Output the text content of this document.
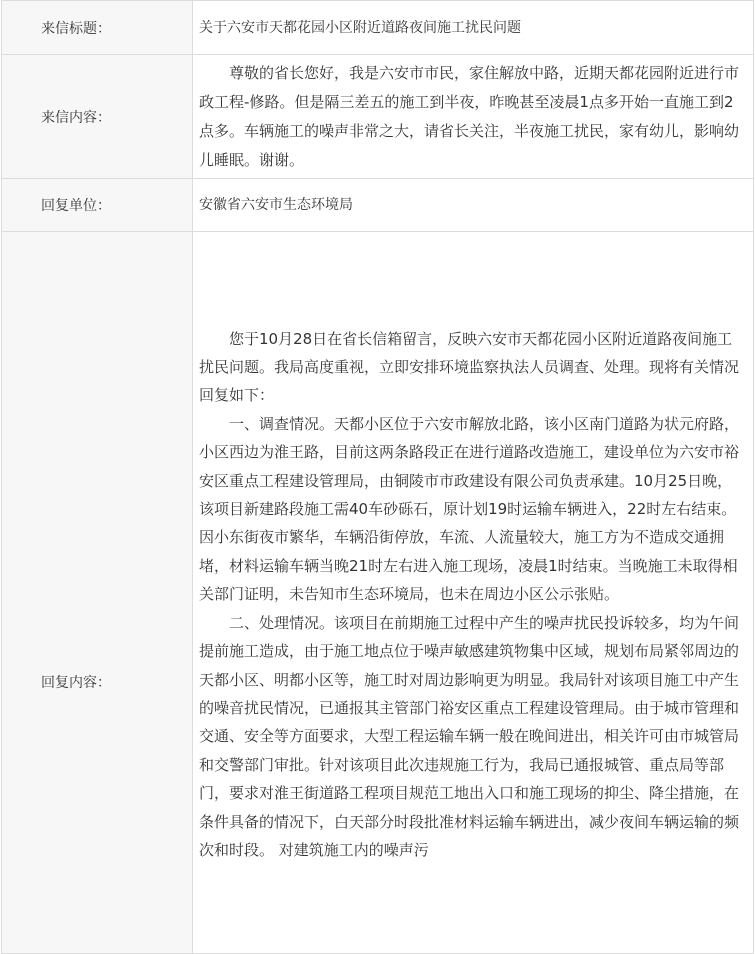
来信标题：	关于六安市天都花园小区附近道路夜间施工扰民问题
来信内容：	尊敬的省长您好，我是六安市市民，家住解放中路，近期天都花园附近进行市政工程-修路。但是隔三差五的施工到半夜，昨晚甚至凌晨1点多开始一直施工到2点多。车辆施工的噪声非常之大，请省长关注，半夜施工扰民，家有幼儿，影响幼儿睡眠。谢谢。

回复单位：	安徽省六安市生态环境局
回复内容：	您于10月28日在省长信箱留言，反映六安市天都花园小区附近道路夜间施工扰民问题。我局高度重视，立即安排环境监察执法人员调查、处理。现将有关情况回复如下：

一、调查情况。天都小区位于六安市解放北路，该小区南门道路为状元府路，小区西边为淮王路，目前这两条路段正在进行道路改造施工，建设单位为六安市裕安区重点工程建设管理局，由铜陵市市政建设有限公司负责承建。10月25日晚，该项目新建路段施工需40车砂砾石，原计划19时运输车辆进入，22时左右结束。因小东街夜市繁华，车辆沿街停放，车流、人流量较大，施工方为不造成交通拥堵，材料运输车辆当晚21时左右进入施工现场，凌晨1时结束。当晚施工未取得相关部门证明，未告知市生态环境局，也未在周边小区公示张贴。

二、处理情况。该项目在前期施工过程中产生的噪声扰民投诉较多，均为午间提前施工造成，由于施工地点位于噪声敏感建筑物集中区域，规划布局紧邻周边的天都小区、明都小区等，施工时对周边影响更为明显。我局针对该项目施工中产生的噪音扰民情况，已通报其主管部门裕安区重点工程建设管理局。由于城市管理和交通、安全等方面要求，大型工程运输车辆一般在晚间进出，相关许可由市城管局和交警部门审批。针对该项目此次违规施工行为，我局已通报城管、重点局等部门，要求对淮王街道路工程项目规范工地出入口和施工现场的抑尘、降尘措施，在条件具备的情况下，白天部分时段批准材料运输车辆进出，减少夜间车辆运输的频次和时段。 对建筑施工内的噪声污
